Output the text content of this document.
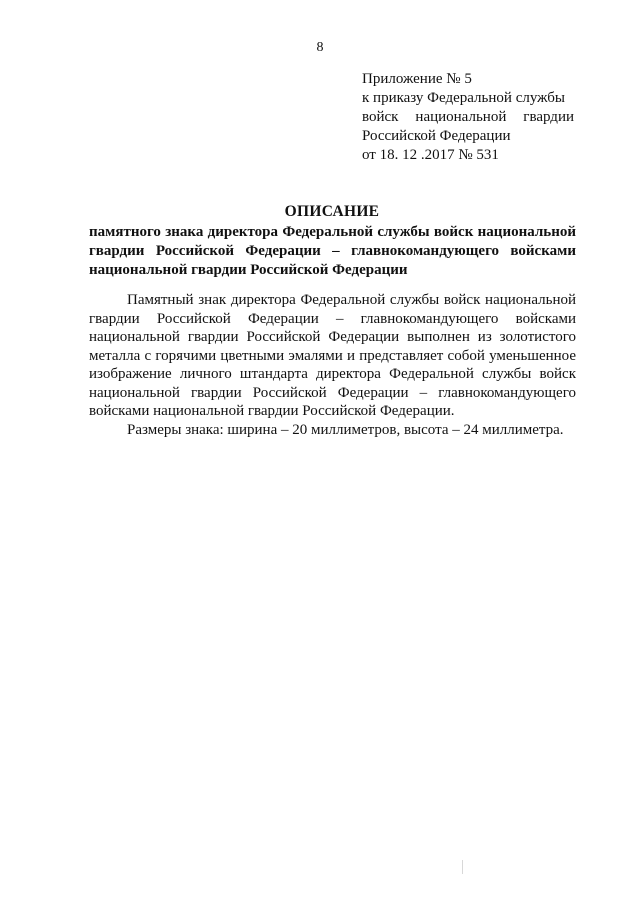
8
Приложение № 5
к приказу Федеральной службы
войск национальной гвардии
Российской Федерации
от 18. 12 .2017 № 531
ОПИСАНИЕ
памятного знака директора Федеральной службы войск национальной
гвардии Российской Федерации – главнокомандующего войсками
национальной гвардии Российской Федерации
Памятный знак директора Федеральной службы войск национальной
гвардии Российской Федерации – главнокомандующего войсками
национальной гвардии Российской Федерации выполнен из золотистого
металла с горячими цветными эмалями и представляет собой уменьшенное
изображение личного штандарта директора Федеральной службы войск
национальной гвардии Российской Федерации – главнокомандующего
войсками национальной гвардии Российской Федерации.
Размеры знака: ширина – 20 миллиметров, высота – 24 миллиметра.
